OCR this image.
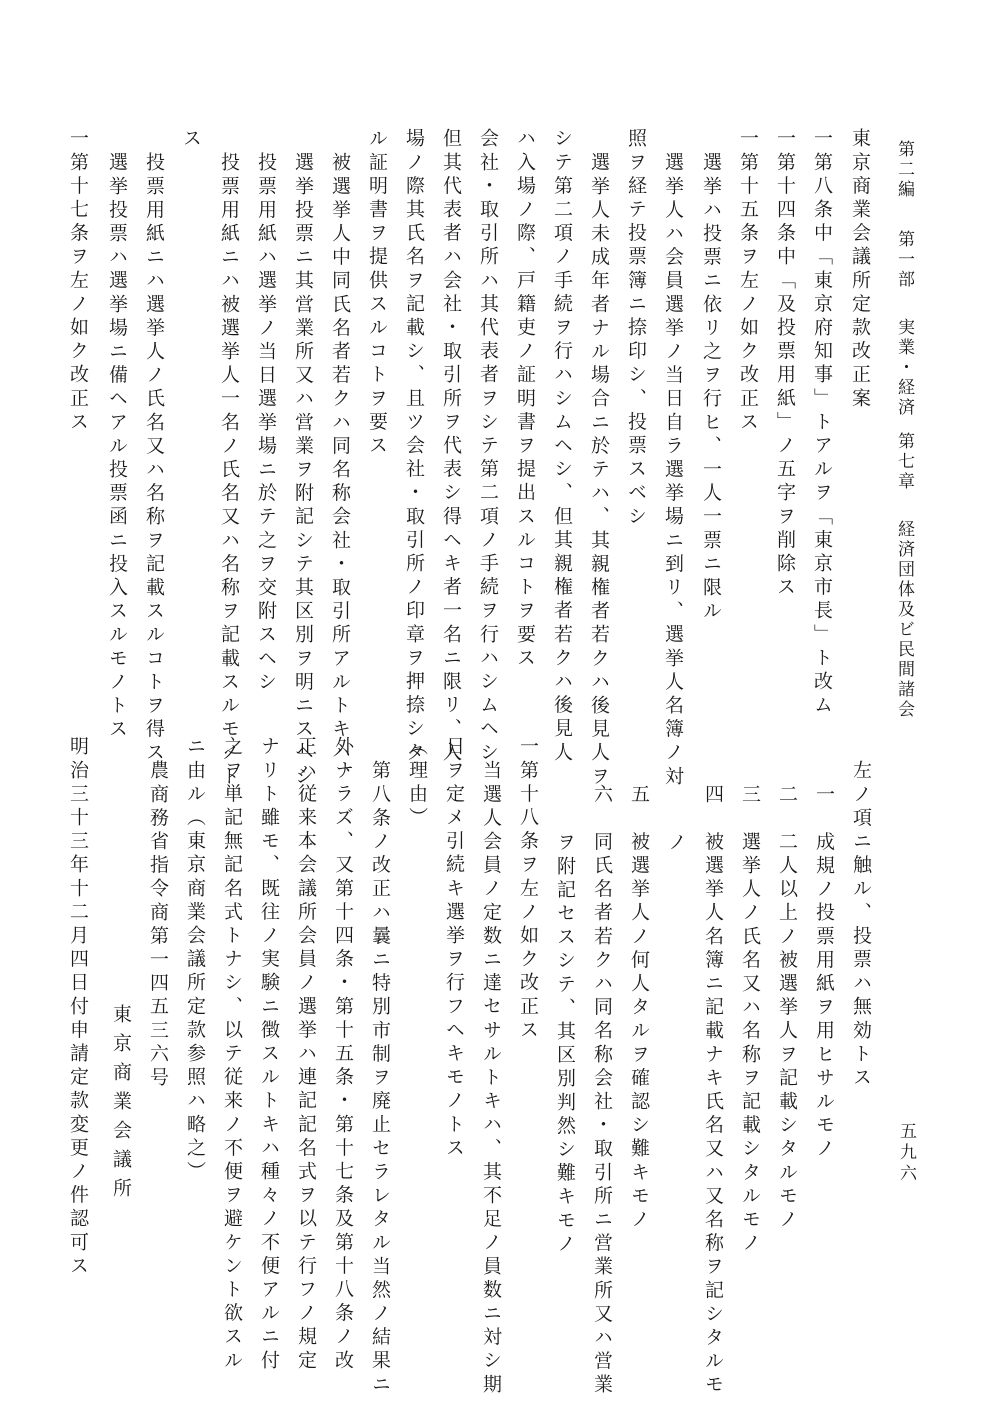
第二編
第一部
実業・経済
第七章
経済団体及ビ民間諸会
五九六
東京商業会議所定款改正案
一第八条中「東京府知事」トアルヲ「東京市長」ト改ム
一第十四条中「及投票用紙」ノ五字ヲ削除ス
一第十五条ヲ左ノ如ク改正ス
選挙ハ投票ニ依リ之ヲ行ヒ、一人一票ニ限ル
選挙人ハ会員選挙ノ当日自ラ選挙場ニ到リ、選挙人名簿ノ対
照ヲ経テ投票簿ニ捺印シ、投票スベシ
選挙人未成年者ナル場合ニ於テハ、其親権者若クハ後見人ヲ
シテ第二項ノ手続ヲ行ハシムヘシ、但其親権者若クハ後見人
ハ入場ノ際、戸籍吏ノ証明書ヲ提出スルコトヲ要ス
会社・取引所ハ其代表者ヲシテ第二項ノ手続ヲ行ハシムヘシ
但其代表者ハ会社・取引所ヲ代表シ得ヘキ者一名ニ限リ、入
場ノ際其氏名ヲ記載シ、且ツ会社・取引所ノ印章ヲ押捺シタ
ル証明書ヲ提供スルコトヲ要ス
被選挙人中同氏名者若クハ同名称会社・取引所アルトキハ、
選挙投票ニ其営業所又ハ営業ヲ附記シテ其区別ヲ明ニスヘシ
投票用紙ハ選挙ノ当日選挙場ニ於テ之ヲ交附スヘシ
投票用紙ニハ被選挙人一名ノ氏名又ハ名称ヲ記載スルモノト
ス
投票用紙ニハ選挙人ノ氏名又ハ名称ヲ記載スルコトヲ得ス
選挙投票ハ選挙場ニ備ヘアル投票函ニ投入スルモノトス
一第十七条ヲ左ノ如ク改正ス
左ノ項ニ触ル、投票ハ無効トス
一　成規ノ投票用紙ヲ用ヒサルモノ
二　二人以上ノ被選挙人ヲ記載シタルモノ
三　選挙人ノ氏名又ハ名称ヲ記載シタルモノ
四　被選挙人名簿ニ記載ナキ氏名又ハ又名称ヲ記シタルモ
ノ
五　被選挙人ノ何人タルヲ確認シ難キモノ
六　同氏名者若クハ同名称会社・取引所ニ営業所又ハ営業
ヲ附記セスシテ、其区別判然シ難キモノ
一第十八条ヲ左ノ如ク改正ス
当選人会員ノ定数ニ達セサルトキハ、其不足ノ員数ニ対シ期
日ヲ定メ引続キ選挙ヲ行フヘキモノトス
（理由）
第八条ノ改正ハ曩ニ特別市制ヲ廃止セラレタル当然ノ結果ニ
外ナラズ、又第十四条・第十五条・第十七条及第十八条ノ改
正ハ従来本会議所会員ノ選挙ハ連記記名式ヲ以テ行フノ規定
ナリト雖モ、既往ノ実験ニ徴スルトキハ種々ノ不便アルニ付
之ヲ単記無記名式トナシ、以テ従来ノ不便ヲ避ケント欲スル
ニ由ル（東京商業会議所定款参照ハ略之）
東京商業会議所
農商務省指令商第一四五三六号
明治三十三年十二月四日付申請定款変更ノ件認可ス
